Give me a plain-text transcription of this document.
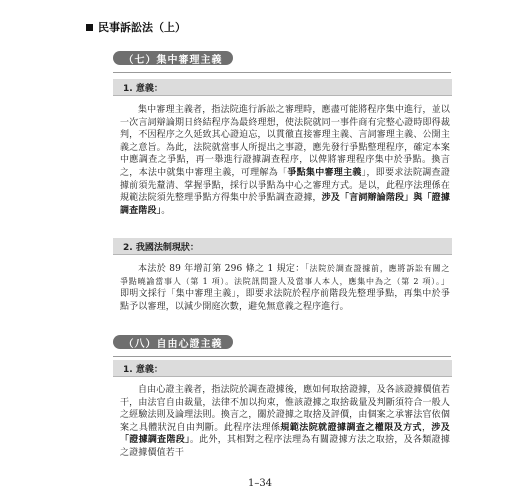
民事訴訟法（上）
（七）集中審理主義
1. 意義：
集中審理主義者，指法院進行訴訟之審理時，應盡可能將程序集中進行，並以一次言詞辯論期日終結程序為最終理想，使法院就同一事件商有完整心證時即得裁判，不因程序之久延致其心證迫忘，以貫徹直接審理主義、言詞審理主義、公開主義之意旨。為此，法院就當事人所提出之事證，應先發行爭點整理程序，確定本案中應調查之爭點，再一舉進行證據調查程序，以俾將審理程序集中於爭點。換言之，本法中就集中審理主義，可理解為「爭點集中審理主義」，即要求法院調查證據前須先釐清、掌握爭點，採行以爭點為中心之審理方式。是以，此程序法理係在規範法院須先整理爭點方得集中於爭點調查證據，涉及「言詞辯論階段」與「證據調查階段」。
2. 我國法制現狀：
本法於 89 年增訂第 296 條之 1 規定：「法院於調查證據前，應將訴訟有關之爭點曉諭當事人（第 1 項）。法院訊問證人及當事人本人，應集中為之（第 2 項）。」即明文採行「集中審理主義」，即要求法院於程序前階段先整理爭點，再集中於爭點予以審理，以減少開庭次數，避免無意義之程序進行。
（八）自由心證主義
1. 意義：
自由心證主義者，指法院於調查證據後，應如何取捨證據，及各該證據價值若干，由法官自由裁量，法律不加以拘束，惟該證據之取捨裁量及判斷須符合一般人之經驗法則及論理法則。換言之，關於證據之取捨及評價，由個案之承審法官依個案之具體狀況自由判斷。此程序法理係規範法院就證據調查之權限及方式，涉及「證據調查階段」。此外，其相對之程序法理為有關證據方法之取捨，及各類證據之證據價值若干
1–34
